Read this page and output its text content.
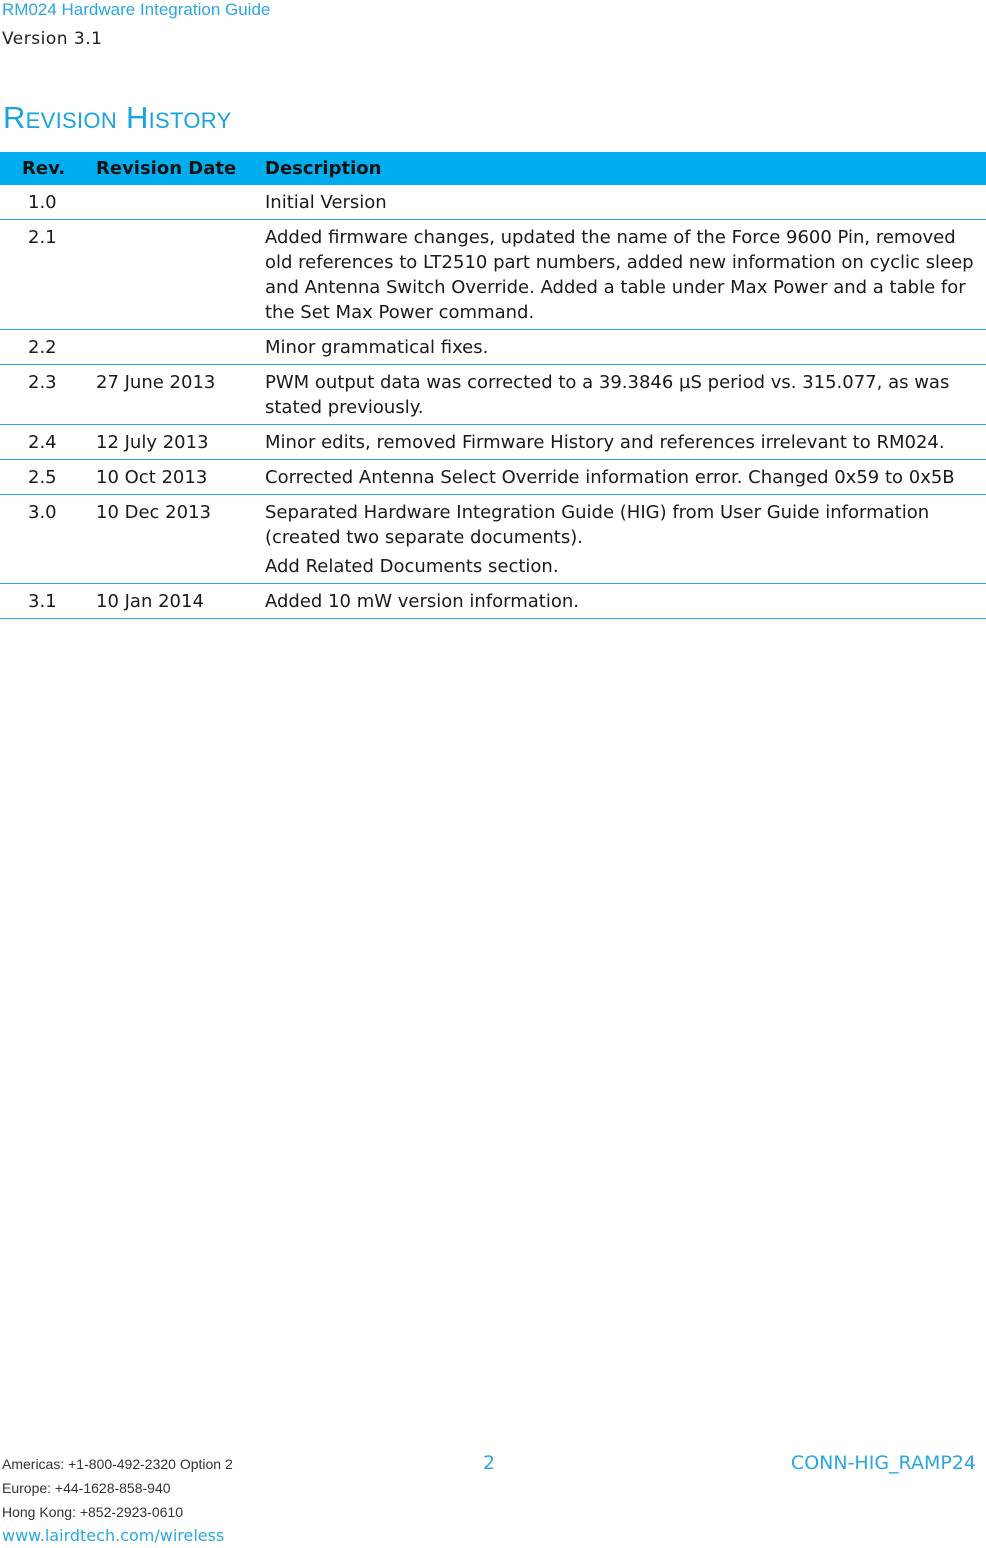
RM024 Hardware Integration Guide
Version 3.1
Revision History
Rev.	Revision Date	Description
1.0		Initial Version
2.1		Added firmware changes, updated the name of the Force 9600 Pin, removed old references to LT2510 part numbers, added new information on cyclic sleep and Antenna Switch Override. Added a table under Max Power and a table for the Set Max Power command.
2.2		Minor grammatical fixes.
2.3	27 June 2013	PWM output data was corrected to a 39.3846 µS period vs. 315.077, as was stated previously.
2.4	12 July 2013	Minor edits, removed Firmware History and references irrelevant to RM024.
2.5	10 Oct 2013	Corrected Antenna Select Override information error. Changed 0x59 to 0x5B
3.0	10 Dec 2013	Separated Hardware Integration Guide (HIG) from User Guide information (created two separate documents).
Add Related Documents section.

3.1	10 Jan 2014	Added 10 mW version information.
Americas: +1-800-492-2320 Option 2
Europe: +44-1628-858-940
Hong Kong: +852-2923-0610
www.lairdtech.com/wireless
2	CONN-HIG_RAMP24
